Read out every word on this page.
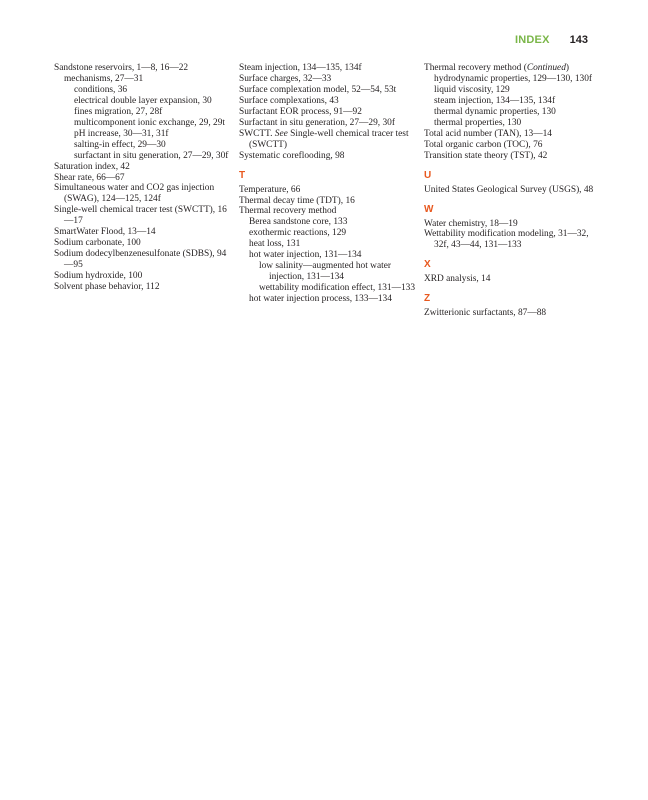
INDEX 143
Sandstone reservoirs, 1—8, 16—22
mechanisms, 27—31
conditions, 36
electrical double layer expansion, 30
fines migration, 27, 28f
multicomponent ionic exchange, 29, 29t
pH increase, 30—31, 31f
salting-in effect, 29—30
surfactant in situ generation, 27—29, 30f
Saturation index, 42
Shear rate, 66—67
Simultaneous water and CO2 gas injection (SWAG), 124—125, 124f
Single-well chemical tracer test (SWCTT), 16—17
SmartWater Flood, 13—14
Sodium carbonate, 100
Sodium dodecylbenzenesulfonate (SDBS), 94—95
Sodium hydroxide, 100
Solvent phase behavior, 112
Steam injection, 134—135, 134f
Surface charges, 32—33
Surface complexation model, 52—54, 53t
Surface complexations, 43
Surfactant EOR process, 91—92
Surfactant in situ generation, 27—29, 30f
SWCTT. See Single-well chemical tracer test (SWCTT)
Systematic coreflooding, 98
T
Temperature, 66
Thermal decay time (TDT), 16
Thermal recovery method
Berea sandstone core, 133
exothermic reactions, 129
heat loss, 131
hot water injection, 131—134
low salinity—augmented hot water injection, 131—134
wettability modification effect, 131—133
hot water injection process, 133—134
Thermal recovery method (Continued)
hydrodynamic properties, 129—130, 130f
liquid viscosity, 129
steam injection, 134—135, 134f
thermal dynamic properties, 130
thermal properties, 130
Total acid number (TAN), 13—14
Total organic carbon (TOC), 76
Transition state theory (TST), 42
U
United States Geological Survey (USGS), 48
W
Water chemistry, 18—19
Wettability modification modeling, 31—32, 32f, 43—44, 131—133
X
XRD analysis, 14
Z
Zwitterionic surfactants, 87—88
